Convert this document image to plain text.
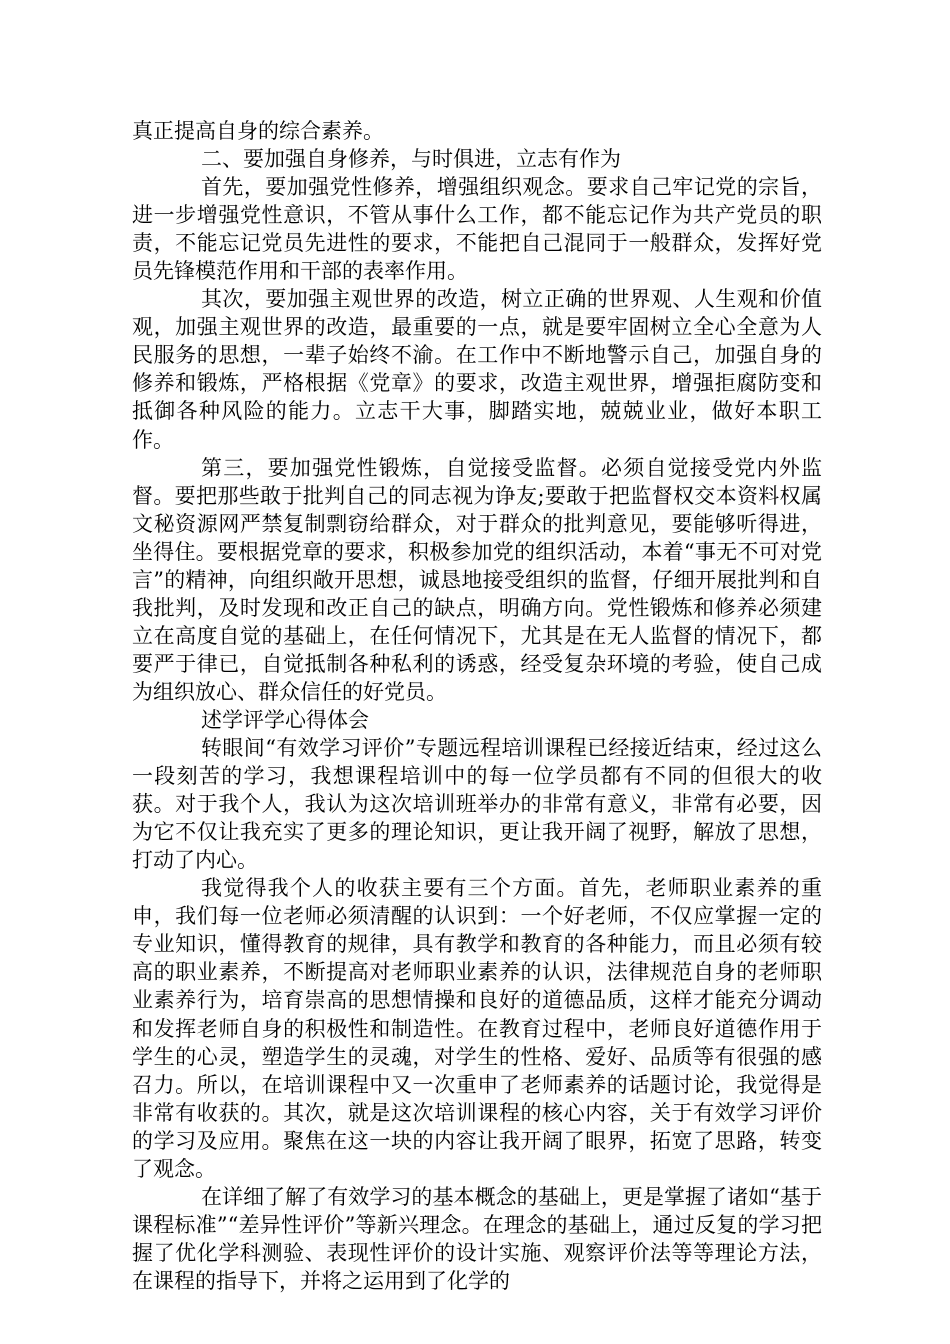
真正提高自身的综合素养。

二、要加强自身修养，与时俱进，立志有作为

首先，要加强党性修养，增强组织观念。要求自己牢记党的宗旨，进一步增强党性意识，不管从事什么工作，都不能忘记作为共产党员的职责，不能忘记党员先进性的要求，不能把自己混同于一般群众，发挥好党员先锋模范作用和干部的表率作用。

其次，要加强主观世界的改造，树立正确的世界观、人生观和价值观，加强主观世界的改造，最重要的一点，就是要牢固树立全心全意为人民服务的思想，一辈子始终不渝。在工作中不断地警示自己，加强自身的修养和锻炼，严格根据《党章》的要求，改造主观世界，增强拒腐防变和抵御各种风险的能力。立志干大事，脚踏实地，兢兢业业，做好本职工作。

第三，要加强党性锻炼，自觉接受监督。必须自觉接受党内外监督。要把那些敢于批判自己的同志视为诤友;要敢于把监督权交本资料权属文秘资源网严禁复制剽窃给群众，对于群众的批判意见，要能够听得进，坐得住。要根据党章的要求，积极参加党的组织活动，本着“事无不可对党言”的精神，向组织敞开思想，诚恳地接受组织的监督，仔细开展批判和自我批判，及时发现和改正自己的缺点，明确方向。党性锻炼和修养必须建立在高度自觉的基础上，在任何情况下，尤其是在无人监督的情况下，都要严于律已，自觉抵制各种私利的诱惑，经受复杂环境的考验，使自己成为组织放心、群众信任的好党员。

述学评学心得体会

转眼间“有效学习评价”专题远程培训课程已经接近结束，经过这么一段刻苦的学习，我想课程培训中的每一位学员都有不同的但很大的收获。对于我个人，我认为这次培训班举办的非常有意义，非常有必要，因为它不仅让我充实了更多的理论知识，更让我开阔了视野，解放了思想，打动了内心。

我觉得我个人的收获主要有三个方面。首先，老师职业素养的重申，我们每一位老师必须清醒的认识到：一个好老师，不仅应掌握一定的专业知识，懂得教育的规律，具有教学和教育的各种能力，而且必须有较高的职业素养，不断提高对老师职业素养的认识，法律规范自身的老师职业素养行为，培育崇高的思想情操和良好的道德品质，这样才能充分调动和发挥老师自身的积极性和制造性。在教育过程中，老师良好道德作用于学生的心灵，塑造学生的灵魂，对学生的性格、爱好、品质等有很强的感召力。所以，在培训课程中又一次重申了老师素养的话题讨论，我觉得是非常有收获的。其次，就是这次培训课程的核心内容，关于有效学习评价的学习及应用。聚焦在这一块的内容让我开阔了眼界，拓宽了思路，转变了观念。

在详细了解了有效学习的基本概念的基础上，更是掌握了诸如“基于课程标准”“差异性评价”等新兴理念。在理念的基础上，通过反复的学习把握了优化学科测验、表现性评价的设计实施、观察评价法等等理论方法，在课程的指导下，并将之运用到了化学的
